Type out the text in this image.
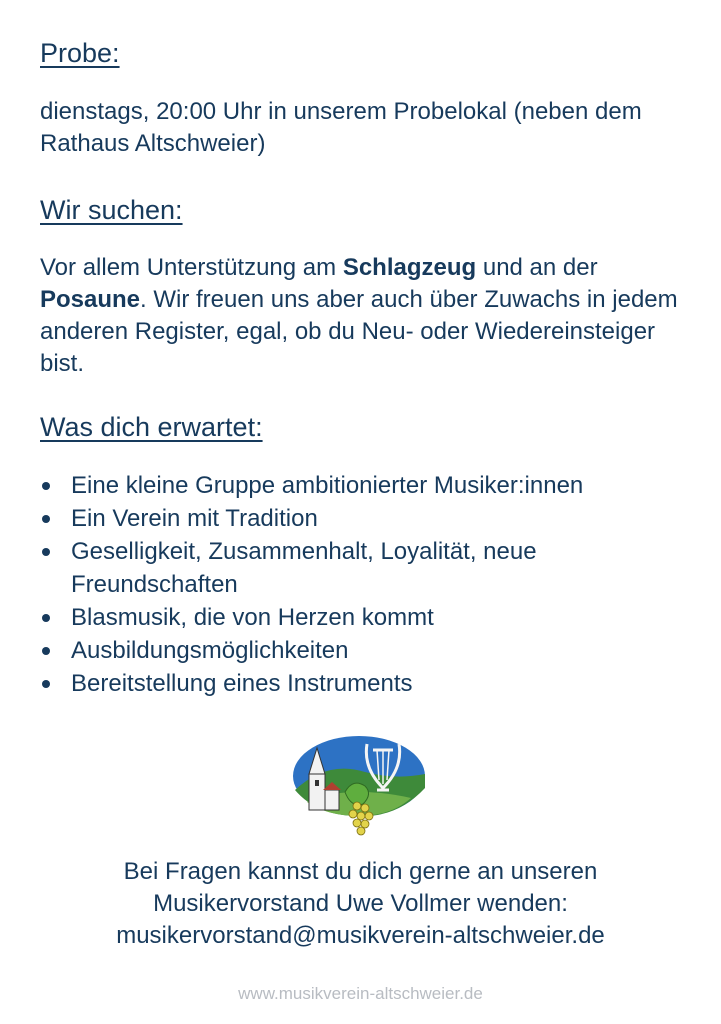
Probe:

dienstags, 20:00 Uhr in unserem Probelokal (neben dem Rathaus Altschweier)

Wir suchen:

Vor allem Unterstützung am Schlagzeug und an der Posaune. Wir freuen uns aber auch über Zuwachs in jedem anderen Register, egal, ob du Neu- oder Wiedereinsteiger bist.

Was dich erwartet:
Eine kleine Gruppe ambitionierter Musiker:innen
Ein Verein mit Tradition
Geselligkeit, Zusammenhalt, Loyalität, neue Freundschaften
Blasmusik, die von Herzen kommt
Ausbildungsmöglichkeiten
Bereitstellung eines Instruments
Bei Fragen kannst du dich gerne an unseren
Musikervorstand Uwe Vollmer wenden:
musikervorstand@musikverein-altschweier.de
www.musikverein-altschweier.de
